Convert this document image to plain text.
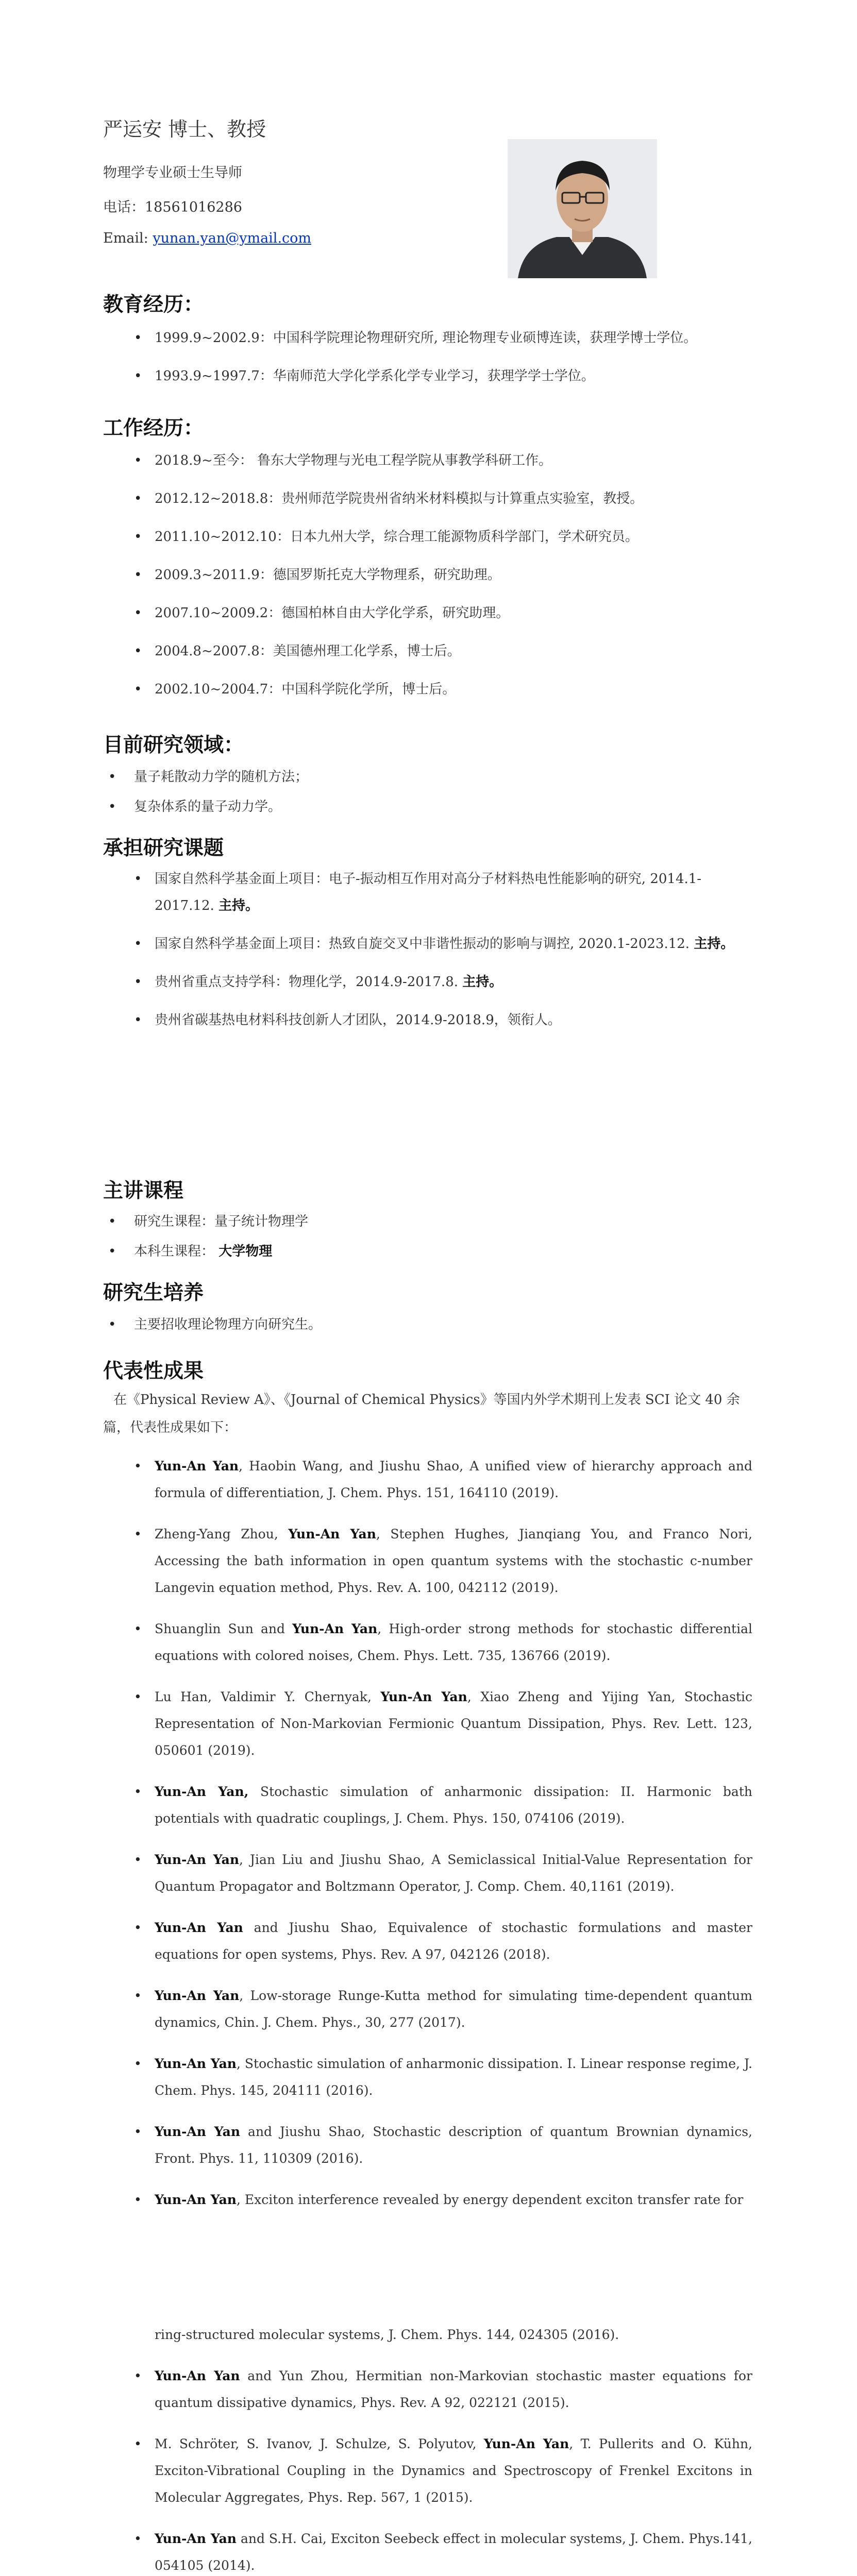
严运安 博士、教授

物理学专业硕士生导师

电话：18561016286

Email: yunan.yan@ymail.com

教育经历：

• 1999.9~2002.9：中国科学院理论物理研究所, 理论物理专业硕博连读，获理学博士学位。
• 1993.9~1997.7：华南师范大学化学系化学专业学习，获理学学士学位。

工作经历：

• 2018.9~至今： 鲁东大学物理与光电工程学院从事教学科研工作。
• 2012.12~2018.8：贵州师范学院贵州省纳米材料模拟与计算重点实验室，教授。
• 2011.10~2012.10：日本九州大学，综合理工能源物质科学部门，学术研究员。
• 2009.3~2011.9：德国罗斯托克大学物理系，研究助理。
• 2007.10~2009.2：德国柏林自由大学化学系，研究助理。
• 2004.8~2007.8：美国德州理工化学系，博士后。
• 2002.10~2004.7：中国科学院化学所，博士后。

目前研究领域：

• 量子耗散动力学的随机方法；
• 复杂体系的量子动力学。

承担研究课题

• 国家自然科学基金面上项目：电子-振动相互作用对高分子材料热电性能影响的研究, 2014.1-2017.12. 主持。
• 国家自然科学基金面上项目：热致自旋交叉中非谐性振动的影响与调控, 2020.1-2023.12. 主持。
• 贵州省重点支持学科：物理化学，2014.9-2017.8. 主持。
• 贵州省碳基热电材料科技创新人才团队，2014.9-2018.9，领衔人。

主讲课程

• 研究生课程：量子统计物理学
• 本科生课程： 大学物理

研究生培养

• 主要招收理论物理方向研究生。

代表性成果

在《Physical Review A》、《Journal of Chemical Physics》等国内外学术期刊上发表 SCI 论文 40 余篇，代表性成果如下：

• Yun-An Yan, Haobin Wang, and Jiushu Shao, A unified view of hierarchy approach and formula of differentiation, J. Chem. Phys. 151, 164110 (2019).
• Zheng-Yang Zhou, Yun-An Yan, Stephen Hughes, Jianqiang You, and Franco Nori, Accessing the bath information in open quantum systems with the stochastic c-number Langevin equation method, Phys. Rev. A. 100, 042112 (2019).
• Shuanglin Sun and Yun-An Yan, High-order strong methods for stochastic differential equations with colored noises, Chem. Phys. Lett. 735, 136766 (2019).
• Lu Han, Valdimir Y. Chernyak, Yun-An Yan, Xiao Zheng and Yijing Yan, Stochastic Representation of Non-Markovian Fermionic Quantum Dissipation, Phys. Rev. Lett. 123, 050601 (2019).
• Yun-An Yan, Stochastic simulation of anharmonic dissipation: II. Harmonic bath potentials with quadratic couplings, J. Chem. Phys. 150, 074106 (2019).
• Yun-An Yan, Jian Liu and Jiushu Shao, A Semiclassical Initial-Value Representation for Quantum Propagator and Boltzmann Operator, J. Comp. Chem. 40,1161 (2019).
• Yun-An Yan and Jiushu Shao, Equivalence of stochastic formulations and master equations for open systems, Phys. Rev. A 97, 042126 (2018).
• Yun-An Yan, Low-storage Runge-Kutta method for simulating time-dependent quantum dynamics, Chin. J. Chem. Phys., 30, 277 (2017).
• Yun-An Yan, Stochastic simulation of anharmonic dissipation. I. Linear response regime, J. Chem. Phys. 145, 204111 (2016).
• Yun-An Yan and Jiushu Shao, Stochastic description of quantum Brownian dynamics, Front. Phys. 11, 110309 (2016).
• Yun-An Yan, Exciton interference revealed by energy dependent exciton transfer rate for
ring-structured molecular systems, J. Chem. Phys. 144, 024305 (2016).
• Yun-An Yan and Yun Zhou, Hermitian non-Markovian stochastic master equations for quantum dissipative dynamics, Phys. Rev. A 92, 022121 (2015).
• M. Schröter, S. Ivanov, J. Schulze, S. Polyutov, Yun-An Yan, T. Pullerits and O. Kühn, Exciton-Vibrational Coupling in the Dynamics and Spectroscopy of Frenkel Excitons in Molecular Aggregates, Phys. Rep. 567, 1 (2015).
• Yun-An Yan and S.H. Cai, Exciton Seebeck effect in molecular systems, J. Chem. Phys.141, 054105 (2014).
